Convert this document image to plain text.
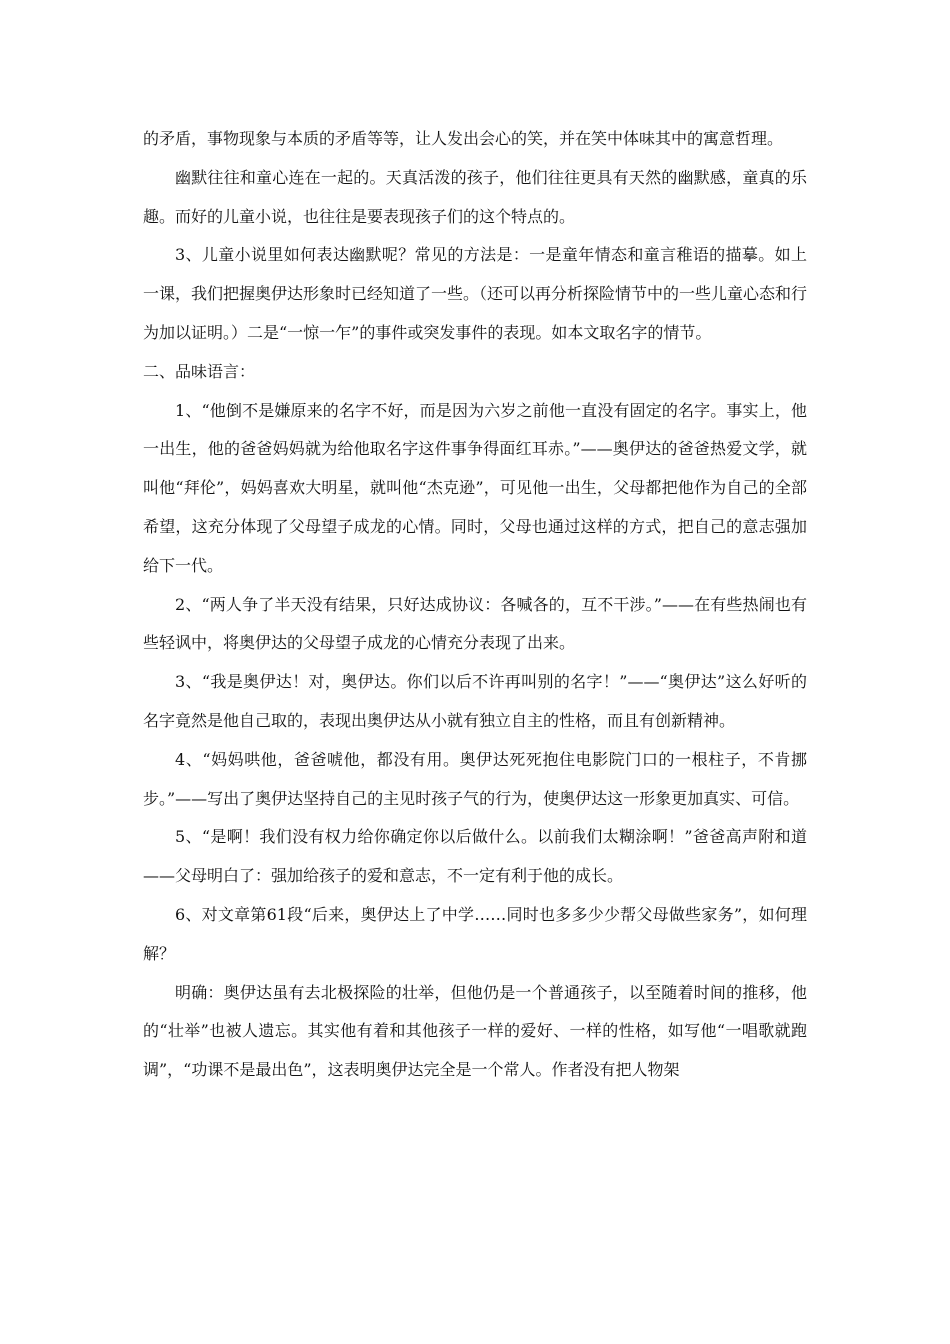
的矛盾，事物现象与本质的矛盾等等，让人发出会心的笑，并在笑中体味其中的寓意哲理。

幽默往往和童心连在一起的。天真活泼的孩子，他们往往更具有天然的幽默感，童真的乐趣。而好的儿童小说，也往往是要表现孩子们的这个特点的。

3、儿童小说里如何表达幽默呢？常见的方法是：一是童年情态和童言稚语的描摹。如上一课，我们把握奥伊达形象时已经知道了一些。（还可以再分析探险情节中的一些儿童心态和行为加以证明。）二是“一惊一乍”的事件或突发事件的表现。如本文取名字的情节。

二、品味语言：

1、“他倒不是嫌原来的名字不好，而是因为六岁之前他一直没有固定的名字。事实上，他一出生，他的爸爸妈妈就为给他取名字这件事争得面红耳赤。”——奥伊达的爸爸热爱文学，就叫他“拜伦”，妈妈喜欢大明星，就叫他“杰克逊”，可见他一出生，父母都把他作为自己的全部希望，这充分体现了父母望子成龙的心情。同时，父母也通过这样的方式，把自己的意志强加给下一代。

2、“两人争了半天没有结果，只好达成协议：各喊各的，互不干涉。”——在有些热闹也有些轻讽中，将奥伊达的父母望子成龙的心情充分表现了出来。

3、“我是奥伊达！对，奥伊达。你们以后不许再叫别的名字！”——“奥伊达”这么好听的名字竟然是他自己取的，表现出奥伊达从小就有独立自主的性格，而且有创新精神。

4、“妈妈哄他，爸爸唬他，都没有用。奥伊达死死抱住电影院门口的一根柱子，不肯挪步。”——写出了奥伊达坚持自己的主见时孩子气的行为，使奥伊达这一形象更加真实、可信。

5、“是啊！我们没有权力给你确定你以后做什么。以前我们太糊涂啊！”爸爸高声附和道——父母明白了：强加给孩子的爱和意志，不一定有利于他的成长。

6、对文章第61段“后来，奥伊达上了中学……同时也多多少少帮父母做些家务”，如何理解？

明确：奥伊达虽有去北极探险的壮举，但他仍是一个普通孩子，以至随着时间的推移，他的“壮举”也被人遗忘。其实他有着和其他孩子一样的爱好、一样的性格，如写他“一唱歌就跑调”，“功课不是最出色”，这表明奥伊达完全是一个常人。作者没有把人物架
